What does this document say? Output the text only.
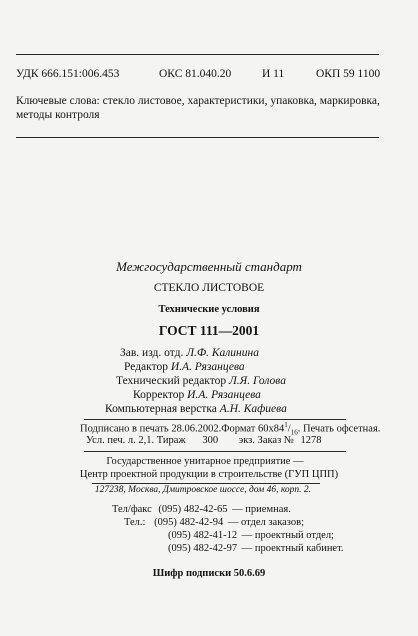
УДК 666.151:006.453	ОКС 81.040.20	И 11	ОКП 59 1100
Ключевые слова: стекло листовое, характеристики, упаковка, маркировка,
методы контроля
Межгосударственный стандарт
СТЕКЛО ЛИСТОВОЕ
Технические условия
ГОСТ 111—2001
Зав. изд. отд. Л.Ф. Калинина
Редактор И.А. Рязанцева
Технический редактор Л.Я. Голова
Корректор И.А. Рязанцева
Компьютерная верстка А.Н. Кафиева
Подписано в печать 28.06.2002.Формат $60х84^1/_{16}$. Печать офсетная.
Усл. печ. л. 2,1. Тираж 300 экз. Заказ № 1278
Государственное унитарное предприятие —
Центр проектной продукции в строительстве (ГУП ЦПП)
127238, Москва, Дмитровское шоссе, дом 46, корп. 2.
Тел/факс (095) 482-42-65 — приемная.
Тел.: (095) 482-42-94 — отдел заказов;
(095) 482-41-12 — проектный отдел;
(095) 482-42-97 — проектный кабинет.
Шифр подписки 50.6.69
